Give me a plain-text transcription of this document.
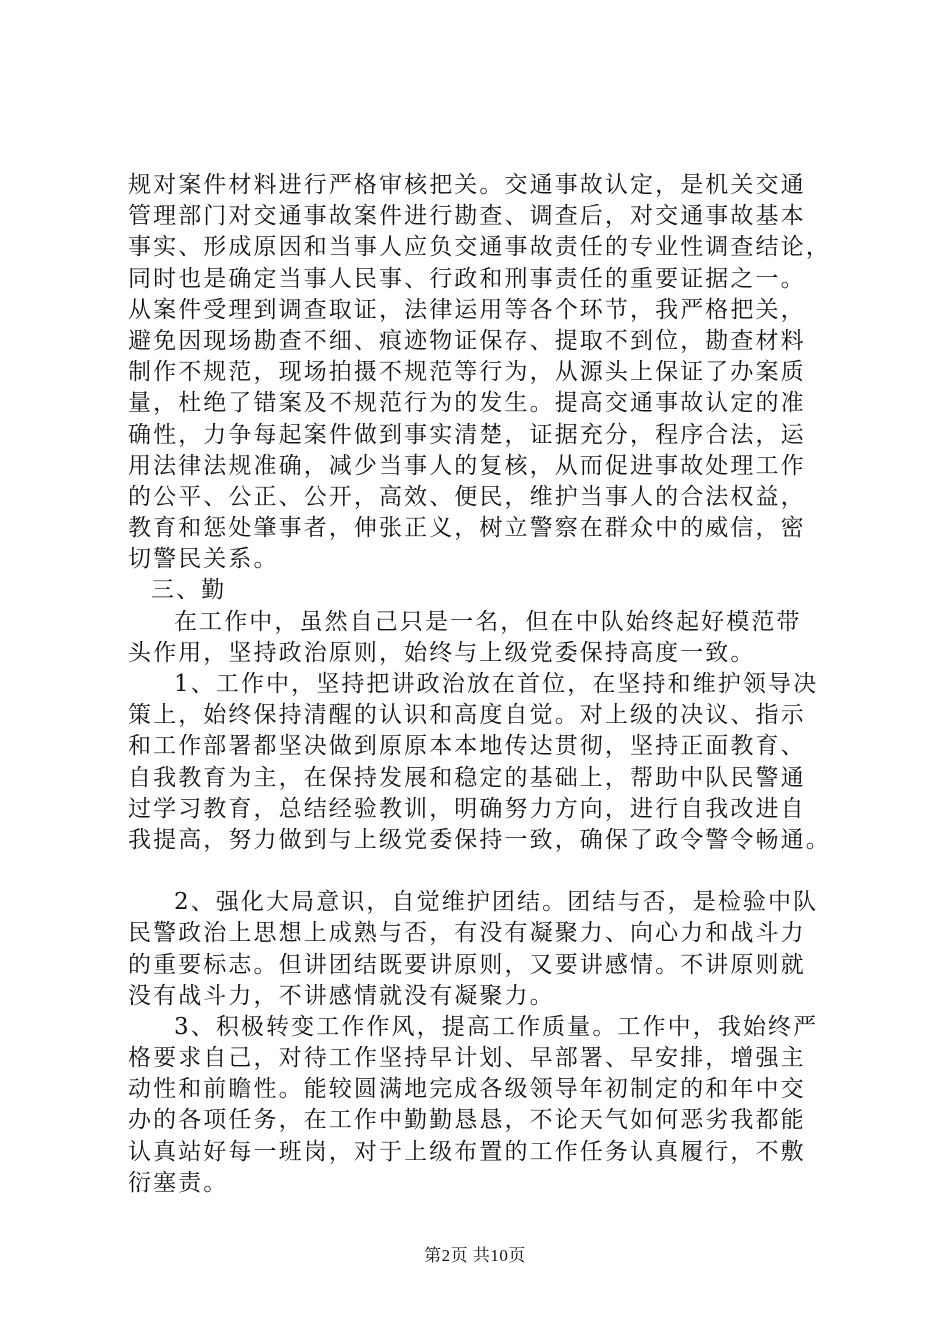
规对案件材料进行严格审核把关。交通事故认定，是机关交通
管理部门对交通事故案件进行勘查、调查后，对交通事故基本
事实、形成原因和当事人应负交通事故责任的专业性调查结论，
同时也是确定当事人民事、行政和刑事责任的重要证据之一。
从案件受理到调查取证，法律运用等各个环节，我严格把关，
避免因现场勘查不细、痕迹物证保存、提取不到位，勘查材料
制作不规范，现场拍摄不规范等行为，从源头上保证了办案质
量，杜绝了错案及不规范行为的发生。提高交通事故认定的准
确性，力争每起案件做到事实清楚，证据充分，程序合法，运
用法律法规准确，减少当事人的复核，从而促进事故处理工作
的公平、公正、公开，高效、便民，维护当事人的合法权益，
教育和惩处肇事者，伸张正义，树立警察在群众中的威信，密
切警民关系。
三、勤
在工作中，虽然自己只是一名，但在中队始终起好模范带
头作用，坚持政治原则，始终与上级党委保持高度一致。
1、工作中，坚持把讲政治放在首位，在坚持和维护领导决
策上，始终保持清醒的认识和高度自觉。对上级的决议、指示
和工作部署都坚决做到原原本本地传达贯彻，坚持正面教育、
自我教育为主，在保持发展和稳定的基础上，帮助中队民警通
过学习教育，总结经验教训，明确努力方向，进行自我改进自
我提高，努力做到与上级党委保持一致，确保了政令警令畅通。
2、强化大局意识，自觉维护团结。团结与否，是检验中队
民警政治上思想上成熟与否，有没有凝聚力、向心力和战斗力
的重要标志。但讲团结既要讲原则，又要讲感情。不讲原则就
没有战斗力，不讲感情就没有凝聚力。
3、积极转变工作作风，提高工作质量。工作中，我始终严
格要求自己，对待工作坚持早计划、早部署、早安排，增强主
动性和前瞻性。能较圆满地完成各级领导年初制定的和年中交
办的各项任务，在工作中勤勤恳恳，不论天气如何恶劣我都能
认真站好每一班岗，对于上级布置的工作任务认真履行，不敷
衍塞责。
第2页 共10页
